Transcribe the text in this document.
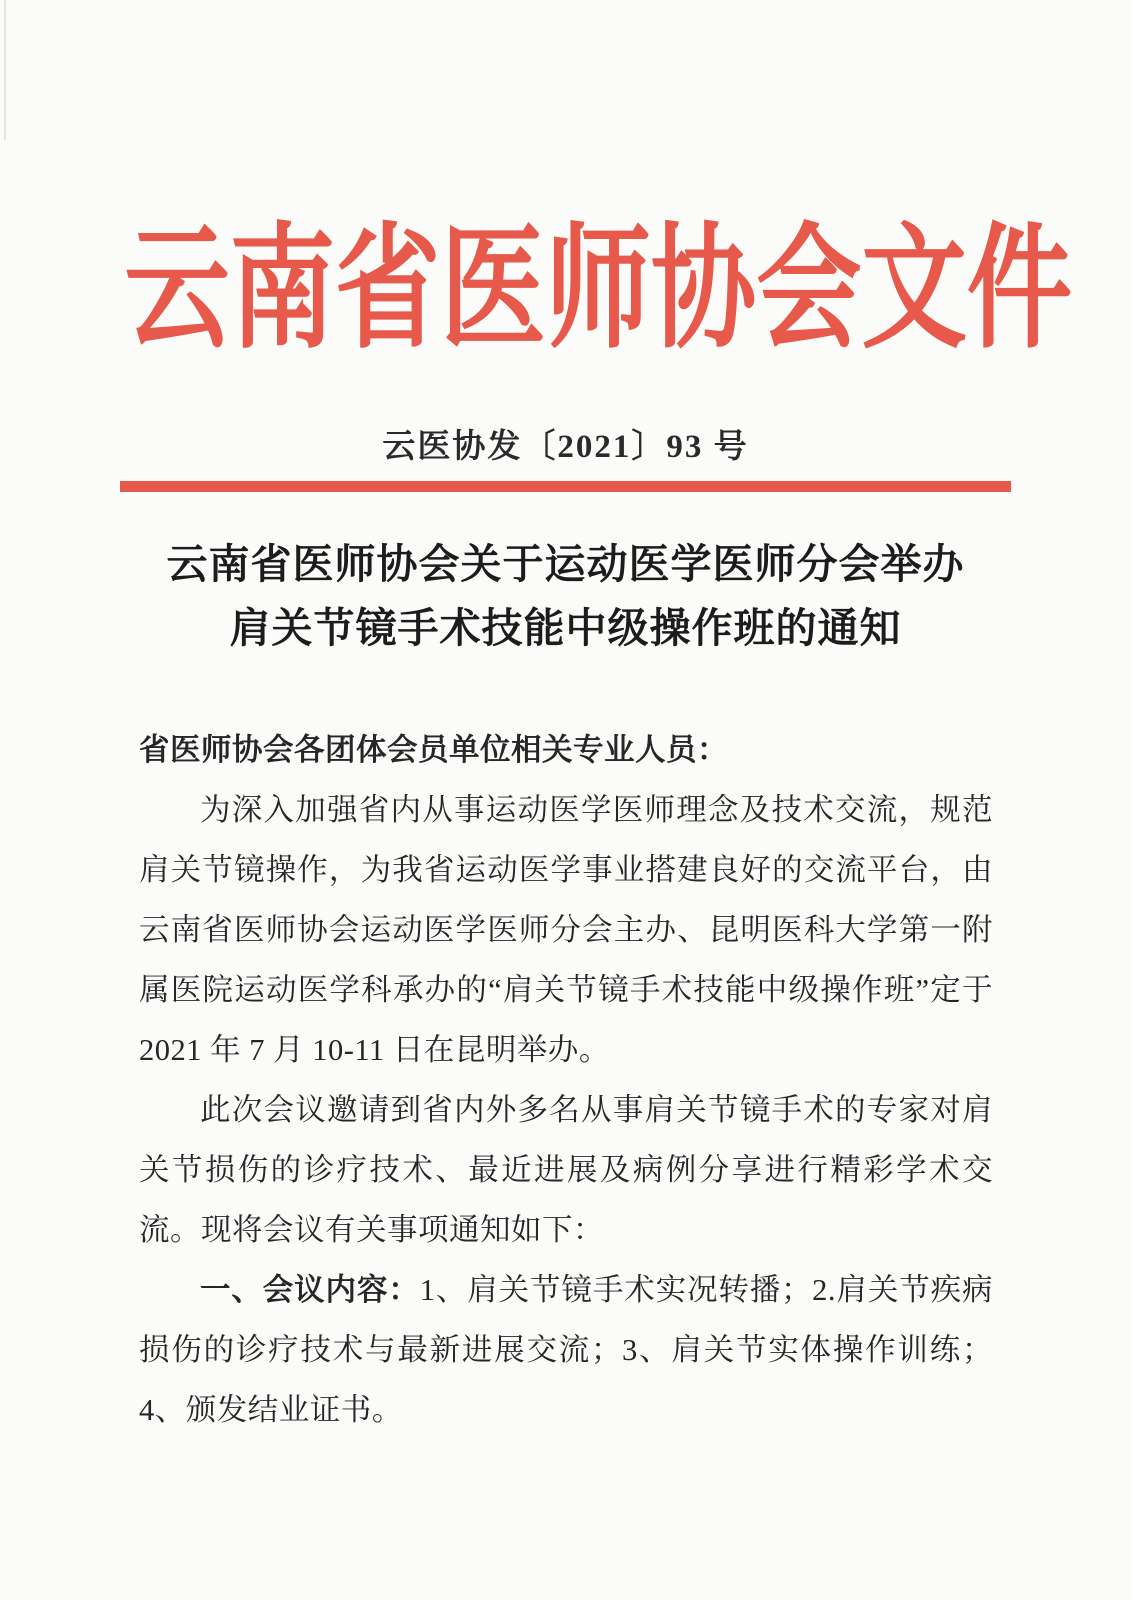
云南省医师协会文件
云医协发〔2021〕93 号
云南省医师协会关于运动医学医师分会举办
肩关节镜手术技能中级操作班的通知

省医师协会各团体会员单位相关专业人员：

为深入加强省内从事运动医学医师理念及技术交流，规范肩关节镜操作，为我省运动医学事业搭建良好的交流平台，由云南省医师协会运动医学医师分会主办、昆明医科大学第一附属医院运动医学科承办的“肩关节镜手术技能中级操作班”定于 2021 年 7 月 10-11 日在昆明举办。

此次会议邀请到省内外多名从事肩关节镜手术的专家对肩关节损伤的诊疗技术、最近进展及病例分享进行精彩学术交流。现将会议有关事项通知如下：

一、会议内容：1、肩关节镜手术实况转播；2.肩关节疾病损伤的诊疗技术与最新进展交流；3、肩关节实体操作训练；4、颁发结业证书。
